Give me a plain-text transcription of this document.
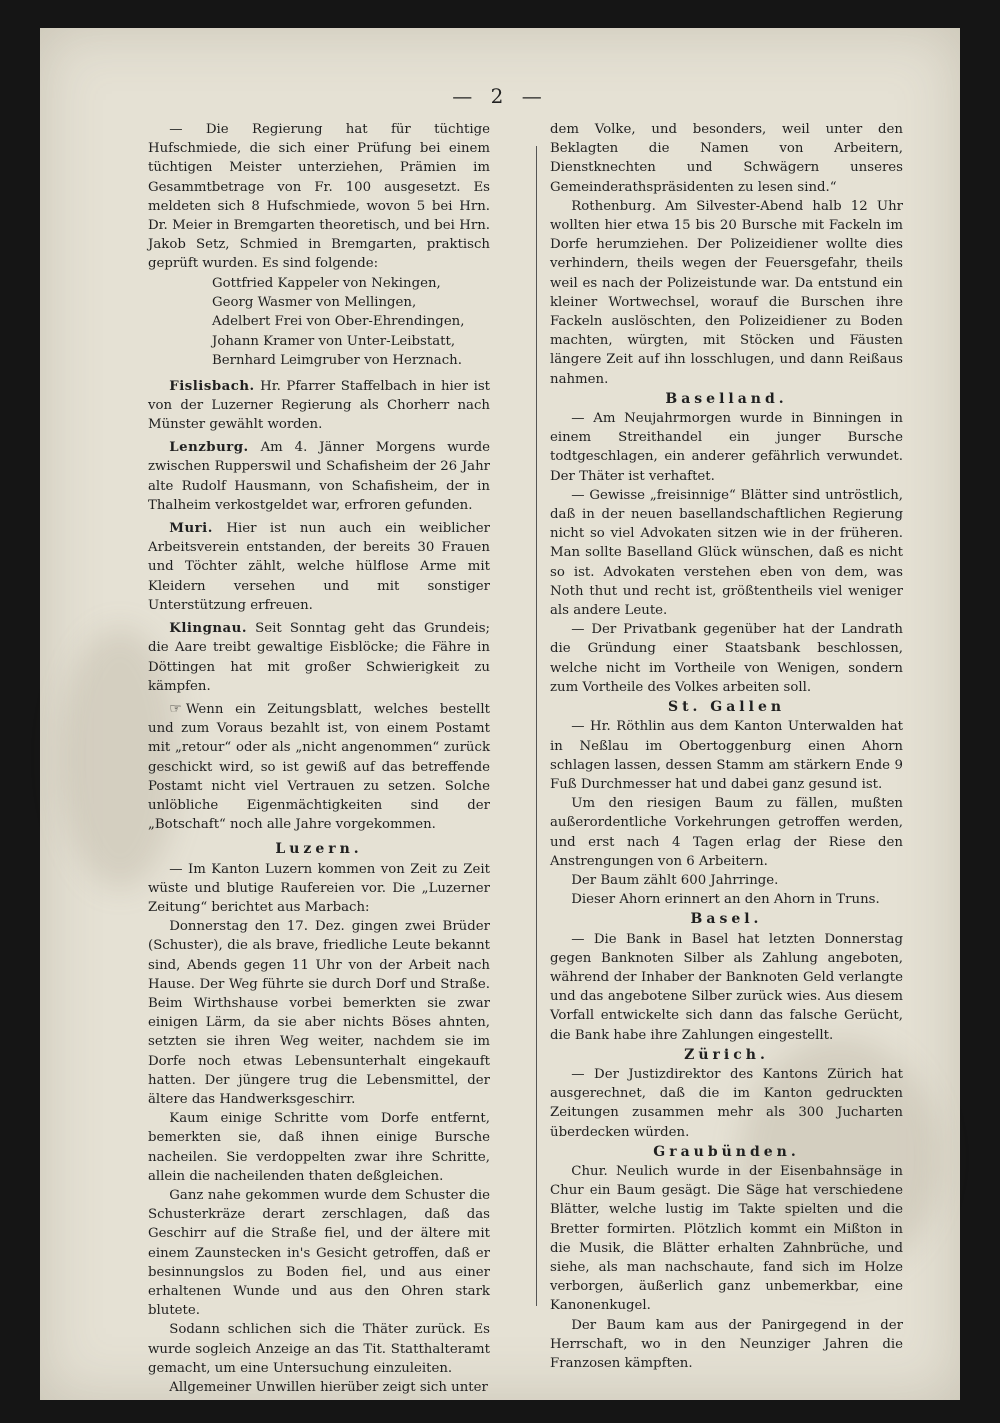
— 2 —

— Die Regierung hat für tüchtige Hufschmiede, die sich einer Prüfung bei einem tüchtigen Meister unterziehen, Prämien im Gesammtbetrage von Fr. 100 ausgesetzt. Es meldeten sich 8 Hufschmiede, wovon 5 bei Hrn. Dr. Meier in Bremgarten theoretisch, und bei Hrn. Jakob Setz, Schmied in Bremgarten, praktisch geprüft wurden. Es sind folgende:

Gottfried Kappeler von Nekingen,
Georg Wasmer von Mellingen,
Adelbert Frei von Ober-Ehrendingen,
Johann Kramer von Unter-Leibstatt,
Bernhard Leimgruber von Herznach.

Fislisbach. Hr. Pfarrer Staffelbach in hier ist von der Luzerner Regierung als Chorherr nach Münster gewählt worden.

Lenzburg. Am 4. Jänner Morgens wurde zwischen Rupperswil und Schafisheim der 26 Jahr alte Rudolf Hausmann, von Schafisheim, der in Thalheim verkostgeldet war, erfroren gefunden.

Muri. Hier ist nun auch ein weiblicher Arbeitsverein entstanden, der bereits 30 Frauen und Töchter zählt, welche hülflose Arme mit Kleidern versehen und mit sonstiger Unterstützung erfreuen.

Klingnau. Seit Sonntag geht das Grundeis; die Aare treibt gewaltige Eisblöcke; die Fähre in Döttingen hat mit großer Schwierigkeit zu kämpfen.

☞ Wenn ein Zeitungsblatt, welches bestellt und zum Voraus bezahlt ist, von einem Postamt mit „retour“ oder als „nicht angenommen“ zurück geschickt wird, so ist gewiß auf das betreffende Postamt nicht viel Vertrauen zu setzen. Solche unlöbliche Eigenmächtigkeiten sind der „Botschaft“ noch alle Jahre vorgekommen.

Luzern.

— Im Kanton Luzern kommen von Zeit zu Zeit wüste und blutige Raufereien vor. Die „Luzerner Zeitung“ berichtet aus Marbach:

Donnerstag den 17. Dez. gingen zwei Brüder (Schuster), die als brave, friedliche Leute bekannt sind, Abends gegen 11 Uhr von der Arbeit nach Hause. Der Weg führte sie durch Dorf und Straße. Beim Wirthshause vorbei bemerkten sie zwar einigen Lärm, da sie aber nichts Böses ahnten, setzten sie ihren Weg weiter, nachdem sie im Dorfe noch etwas Lebensunterhalt eingekauft hatten. Der jüngere trug die Lebensmittel, der ältere das Handwerksgeschirr.

Kaum einige Schritte vom Dorfe entfernt, bemerkten sie, daß ihnen einige Bursche nacheilen. Sie verdoppelten zwar ihre Schritte, allein die nacheilenden thaten deßgleichen.

Ganz nahe gekommen wurde dem Schuster die Schusterkräze derart zerschlagen, daß das Geschirr auf die Straße fiel, und der ältere mit einem Zaunstecken in's Gesicht getroffen, daß er besinnungslos zu Boden fiel, und aus einer erhaltenen Wunde und aus den Ohren stark blutete.

Sodann schlichen sich die Thäter zurück. Es wurde sogleich Anzeige an das Tit. Statthalteramt gemacht, um eine Untersuchung einzuleiten.

Allgemeiner Unwillen hierüber zeigt sich unter

dem Volke, und besonders, weil unter den Beklagten die Namen von Arbeitern, Dienstknechten und Schwägern unseres Gemeinderathspräsidenten zu lesen sind.“

Rothenburg. Am Silvester-Abend halb 12 Uhr wollten hier etwa 15 bis 20 Bursche mit Fackeln im Dorfe herumziehen. Der Polizeidiener wollte dies verhindern, theils wegen der Feuersgefahr, theils weil es nach der Polizeistunde war. Da entstund ein kleiner Wortwechsel, worauf die Burschen ihre Fackeln auslöschten, den Polizeidiener zu Boden machten, würgten, mit Stöcken und Fäusten längere Zeit auf ihn losschlugen, und dann Reißaus nahmen.

Baselland.

— Am Neujahrmorgen wurde in Binningen in einem Streithandel ein junger Bursche todtgeschlagen, ein anderer gefährlich verwundet. Der Thäter ist verhaftet.

— Gewisse „freisinnige“ Blätter sind untröstlich, daß in der neuen basellandschaftlichen Regierung nicht so viel Advokaten sitzen wie in der früheren. Man sollte Baselland Glück wünschen, daß es nicht so ist. Advokaten verstehen eben von dem, was Noth thut und recht ist, größtentheils viel weniger als andere Leute.

— Der Privatbank gegenüber hat der Landrath die Gründung einer Staatsbank beschlossen, welche nicht im Vortheile von Wenigen, sondern zum Vortheile des Volkes arbeiten soll.

St. Gallen

— Hr. Röthlin aus dem Kanton Unterwalden hat in Neßlau im Obertoggenburg einen Ahorn schlagen lassen, dessen Stamm am stärkern Ende 9 Fuß Durchmesser hat und dabei ganz gesund ist.

Um den riesigen Baum zu fällen, mußten außerordentliche Vorkehrungen getroffen werden, und erst nach 4 Tagen erlag der Riese den Anstrengungen von 6 Arbeitern.

Der Baum zählt 600 Jahrringe.

Dieser Ahorn erinnert an den Ahorn in Truns.

Basel.

— Die Bank in Basel hat letzten Donnerstag gegen Banknoten Silber als Zahlung angeboten, während der Inhaber der Banknoten Geld verlangte und das angebotene Silber zurück wies. Aus diesem Vorfall entwickelte sich dann das falsche Gerücht, die Bank habe ihre Zahlungen eingestellt.

Zürich.

— Der Justizdirektor des Kantons Zürich hat ausgerechnet, daß die im Kanton gedruckten Zeitungen zusammen mehr als 300 Jucharten überdecken würden.

Graubünden.

Chur. Neulich wurde in der Eisenbahnsäge in Chur ein Baum gesägt. Die Säge hat verschiedene Blätter, welche lustig im Takte spielten und die Bretter formirten. Plötzlich kommt ein Mißton in die Musik, die Blätter erhalten Zahnbrüche, und siehe, als man nachschaute, fand sich im Holze verborgen, äußerlich ganz unbemerkbar, eine Kanonenkugel.

Der Baum kam aus der Panirgegend in der Herrschaft, wo in den Neunziger Jahren die Franzosen kämpften.
